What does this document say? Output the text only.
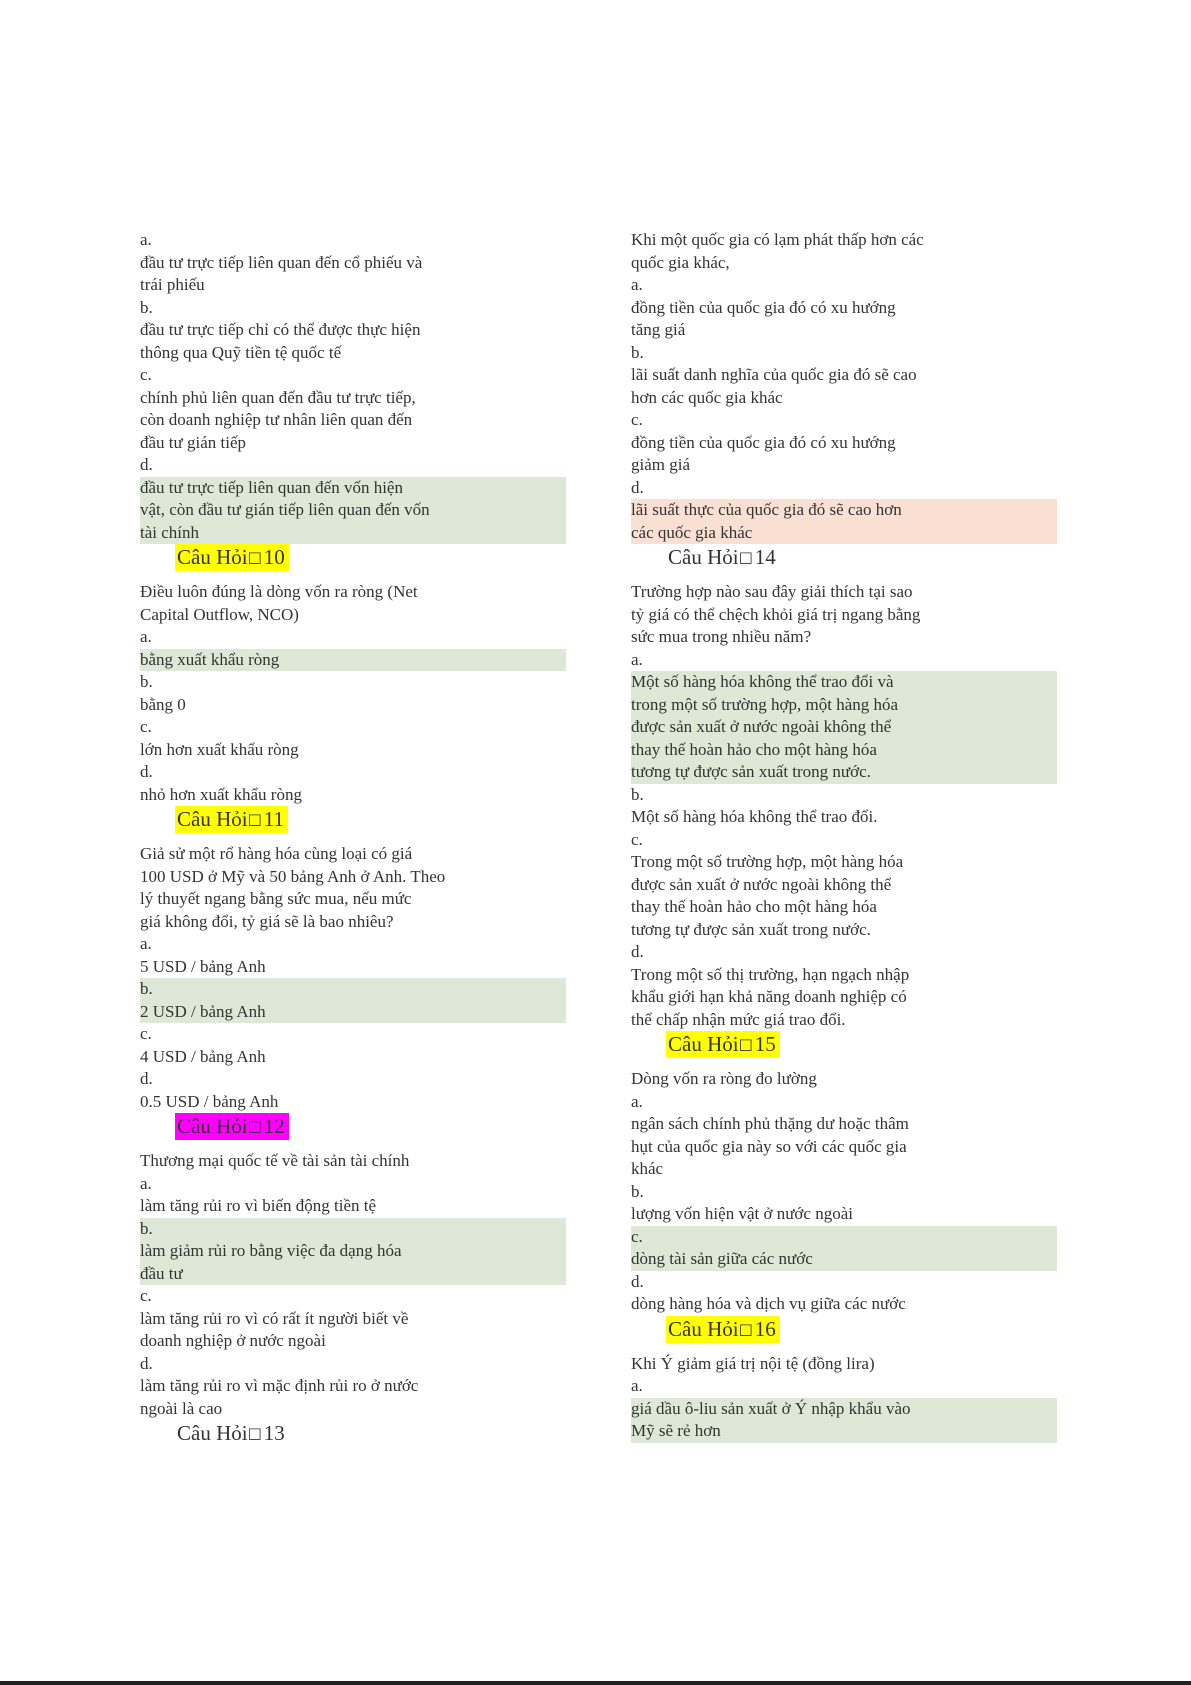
a.
đầu tư trực tiếp liên quan đến cổ phiếu và
trái phiếu
b.
đầu tư trực tiếp chỉ có thể được thực hiện
thông qua Quỹ tiền tệ quốc tế
c.
chính phủ liên quan đến đầu tư trực tiếp,
còn doanh nghiệp tư nhân liên quan đến
đầu tư gián tiếp
d.
đầu tư trực tiếp liên quan đến vốn hiện
vật, còn đầu tư gián tiếp liên quan đến vốn
tài chính
Câu Hỏi□10
Điều luôn đúng là dòng vốn ra ròng (Net
Capital Outflow, NCO)
a.
bằng xuất khẩu ròng
b.
bằng 0
c.
lớn hơn xuất khẩu ròng
d.
nhỏ hơn xuất khẩu ròng
Câu Hỏi□11
Giả sử một rổ hàng hóa cùng loại có giá
100 USD ở Mỹ và 50 bảng Anh ở Anh. Theo
lý thuyết ngang bằng sức mua, nếu mức
giá không đổi, tỷ giá sẽ là bao nhiêu?
a.
5 USD / bảng Anh
b.
2 USD / bảng Anh
c.
4 USD / bảng Anh
d.
0.5 USD / bảng Anh
Câu Hỏi□12
Thương mại quốc tế về tài sản tài chính
a.
làm tăng rủi ro vì biến động tiền tệ
b.
làm giảm rủi ro bằng việc đa dạng hóa
đầu tư
c.
làm tăng rủi ro vì có rất ít người biết về
doanh nghiệp ở nước ngoài
d.
làm tăng rủi ro vì mặc định rủi ro ở nước
ngoài là cao
Câu Hỏi□13
Khi một quốc gia có lạm phát thấp hơn các
quốc gia khác,
a.
đồng tiền của quốc gia đó có xu hướng
tăng giá
b.
lãi suất danh nghĩa của quốc gia đó sẽ cao
hơn các quốc gia khác
c.
đồng tiền của quốc gia đó có xu hướng
giảm giá
d.
lãi suất thực của quốc gia đó sẽ cao hơn
các quốc gia khác
Câu Hỏi□14
Trường hợp nào sau đây giải thích tại sao
tỷ giá có thể chệch khỏi giá trị ngang bằng
sức mua trong nhiều năm?
a.
Một số hàng hóa không thể trao đổi và
trong một số trường hợp, một hàng hóa
được sản xuất ở nước ngoài không thể
thay thế hoàn hảo cho một hàng hóa
tương tự được sản xuất trong nước.
b.
Một số hàng hóa không thể trao đổi.
c.
Trong một số trường hợp, một hàng hóa
được sản xuất ở nước ngoài không thể
thay thế hoàn hảo cho một hàng hóa
tương tự được sản xuất trong nước.
d.
Trong một số thị trường, hạn ngạch nhập
khẩu giới hạn khả năng doanh nghiệp có
thể chấp nhận mức giá trao đổi.
Câu Hỏi□15
Dòng vốn ra ròng đo lường
a.
ngân sách chính phủ thặng dư hoặc thâm
hụt của quốc gia này so với các quốc gia
khác
b.
lượng vốn hiện vật ở nước ngoài
c.
dòng tài sản giữa các nước
d.
dòng hàng hóa và dịch vụ giữa các nước
Câu Hỏi□16
Khi Ý giảm giá trị nội tệ (đồng lira)
a.
giá dầu ô-liu sản xuất ở Ý nhập khẩu vào
Mỹ sẽ rẻ hơn
